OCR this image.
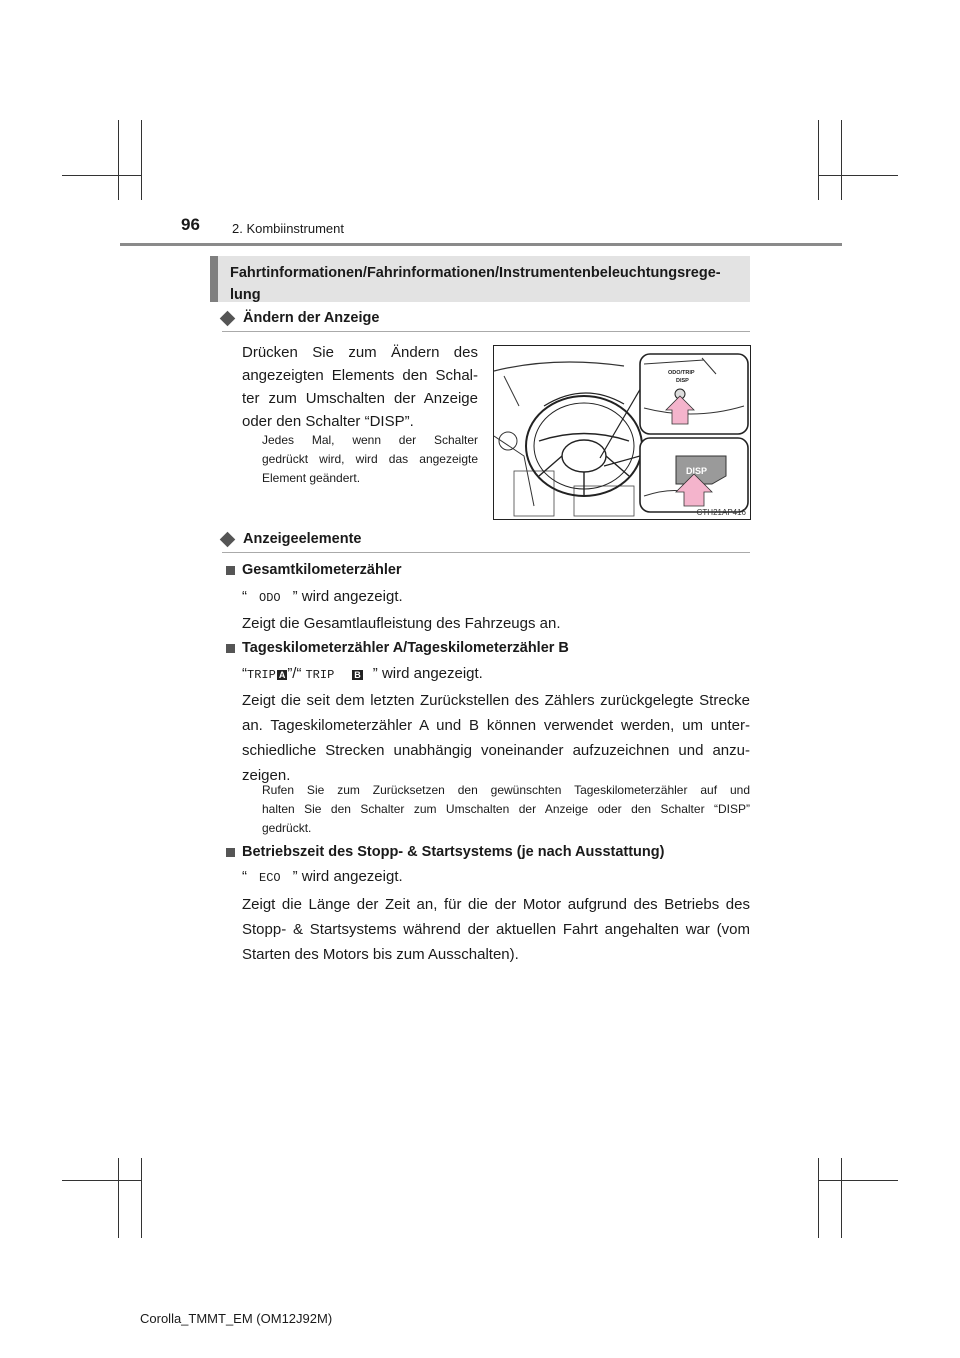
96 2. Kombiinstrument
Fahrtinformationen/Fahrinformationen/Instrumentenbeleuchtungsrege-
lung
Ändern der Anzeige
Drücken Sie zum Ändern des
angezeigten Elements den Schal-
ter zum Umschalten der Anzeige
oder den Schalter “DISP”.
Jedes Mal, wenn der Schalter
gedrückt wird, wird das angezeigte
Element geändert.
ODO/TRIP
DISP
DISP
CTH21AP416
Anzeigeelemente
Gesamtkilometerzähler
“ ODO ” wird angezeigt.
Zeigt die Gesamtlaufleistung des Fahrzeugs an.
Tageskilometerzähler A/Tageskilometerzähler B
“TRIP A ”/“ TRIP B ” wird angezeigt.
Zeigt die seit dem letzten Zurückstellen des Zählers zurückgelegte Strecke
an. Tageskilometerzähler A und B können verwendet werden, um unter-
schiedliche Strecken unabhängig voneinander aufzuzeichnen und anzu-
zeigen.
Rufen Sie zum Zurücksetzen den gewünschten Tageskilometerzähler auf und
halten Sie den Schalter zum Umschalten der Anzeige oder den Schalter “DISP”
gedrückt.
Betriebszeit des Stopp- & Startsystems (je nach Ausstattung)
“ ECO ” wird angezeigt.
Zeigt die Länge der Zeit an, für die der Motor aufgrund des Betriebs des
Stopp- & Startsystems während der aktuellen Fahrt angehalten war (vom
Starten des Motors bis zum Ausschalten).
Corolla_TMMT_EM (OM12J92M)
